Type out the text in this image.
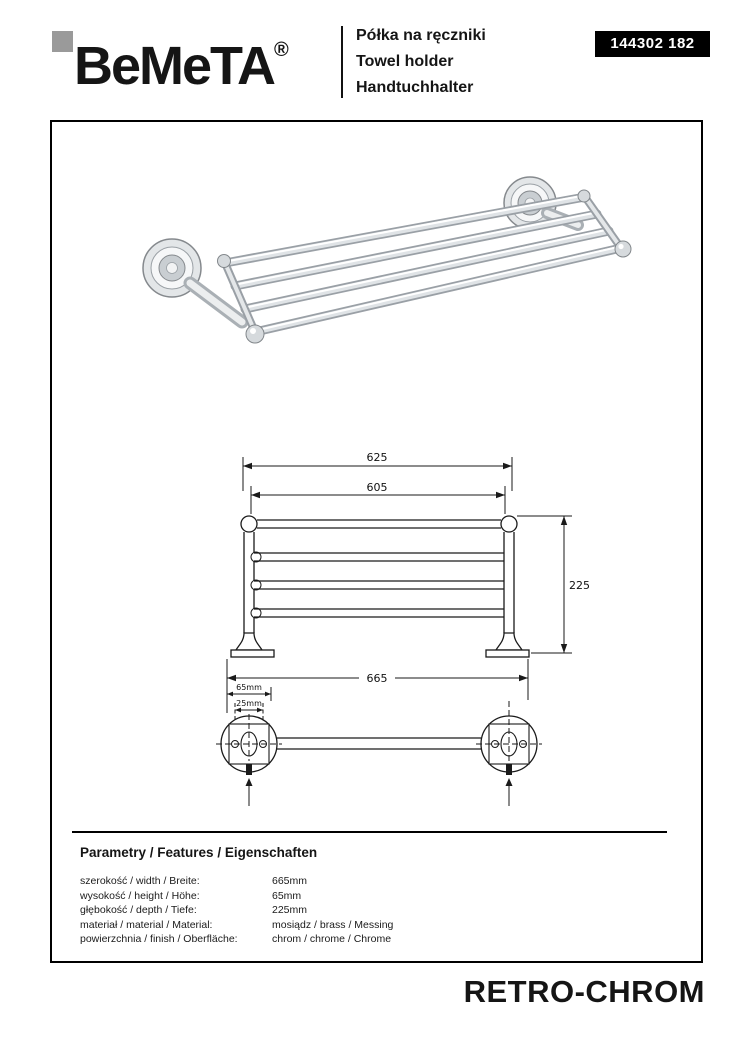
BeMeTA®
Półka na ręczniki
Towel holder
Handtuchhalter
144302 182
625
605
225
665
65mm
25mm
Parametry / Features / Eigenschaften
szerokość / width / Breite:	665mm
wysokość / height / Höhe:	65mm
głębokość / depth / Tiefe:	225mm
materiał / material / Material:	mosiądz / brass / Messing
powierzchnia / finish / Oberfläche:	chrom / chrome / Chrome
RETRO-CHROM
